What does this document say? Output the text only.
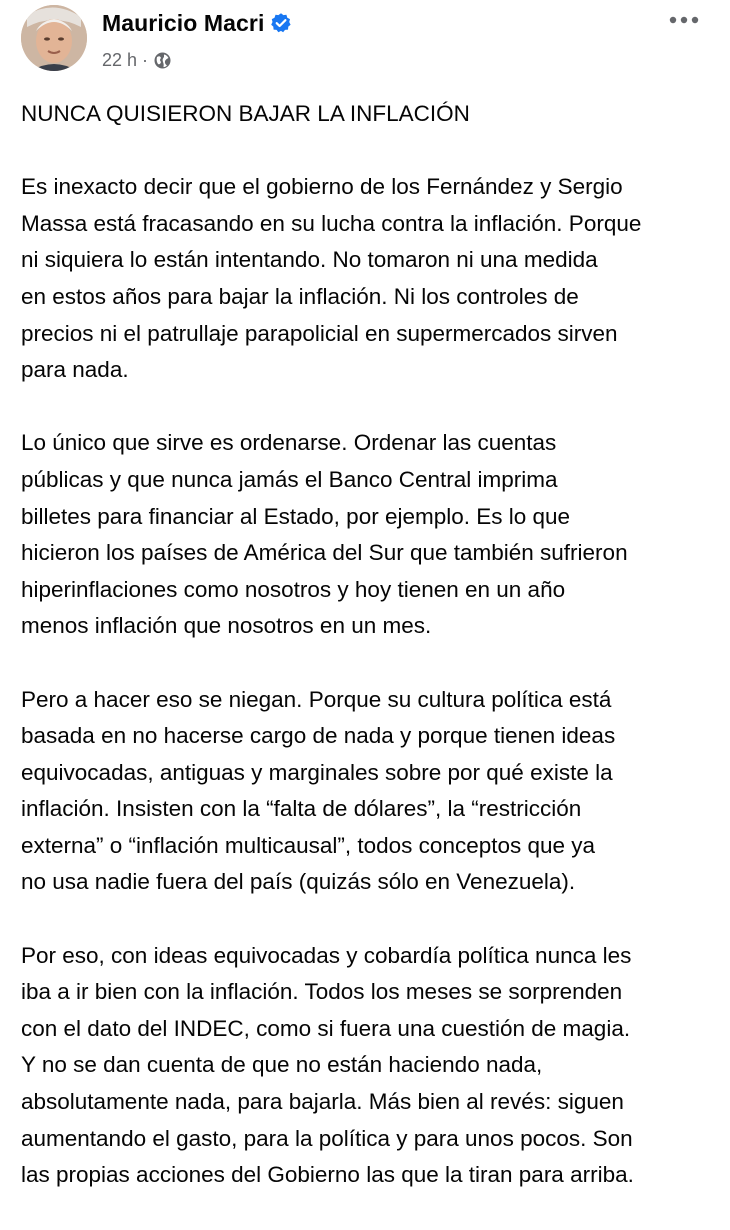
Mauricio Macri
22 h ·

NUNCA QUISIERON BAJAR LA INFLACIÓN

Es inexacto decir que el gobierno de los Fernández y Sergio
Massa está fracasando en su lucha contra la inflación. Porque
ni siquiera lo están intentando. No tomaron ni una medida
en estos años para bajar la inflación. Ni los controles de
precios ni el patrullaje parapolicial en supermercados sirven
para nada.

Lo único que sirve es ordenarse. Ordenar las cuentas
públicas y que nunca jamás el Banco Central imprima
billetes para financiar al Estado, por ejemplo. Es lo que
hicieron los países de América del Sur que también sufrieron
hiperinflaciones como nosotros y hoy tienen en un año
menos inflación que nosotros en un mes.

Pero a hacer eso se niegan. Porque su cultura política está
basada en no hacerse cargo de nada y porque tienen ideas
equivocadas, antiguas y marginales sobre por qué existe la
inflación. Insisten con la “falta de dólares”, la “restricción
externa” o “inflación multicausal”, todos conceptos que ya
no usa nadie fuera del país (quizás sólo en Venezuela).

Por eso, con ideas equivocadas y cobardía política nunca les
iba a ir bien con la inflación. Todos los meses se sorprenden
con el dato del INDEC, como si fuera una cuestión de magia.
Y no se dan cuenta de que no están haciendo nada,
absolutamente nada, para bajarla. Más bien al revés: siguen
aumentando el gasto, para la política y para unos pocos. Son
las propias acciones del Gobierno las que la tiran para arriba.
